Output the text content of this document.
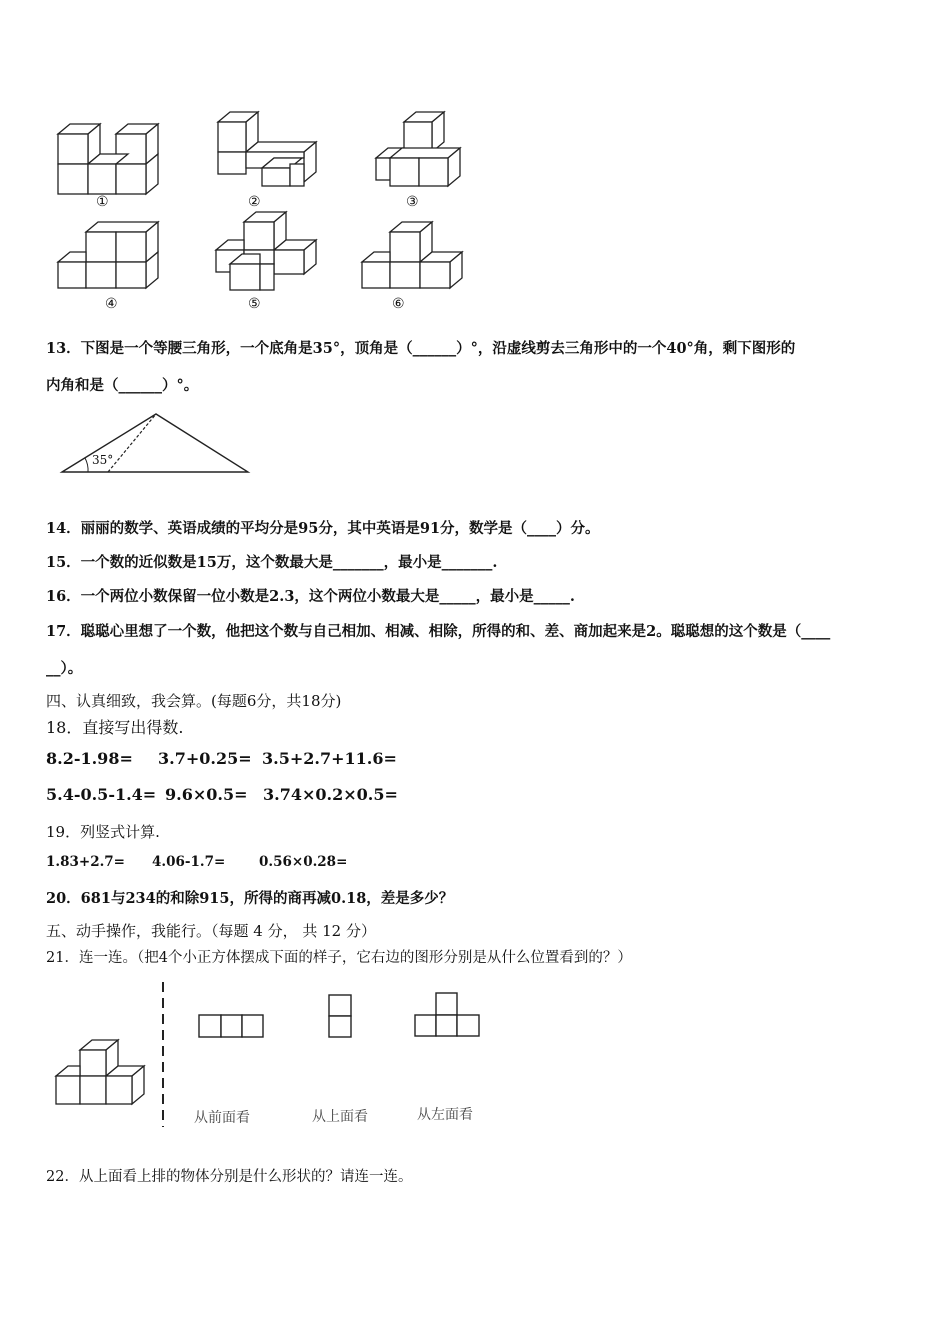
①	②	③
④	⑤	⑥
13．下图是一个等腰三角形，一个底角是35°，顶角是（______）°，沿虚线剪去三角形中的一个40°角，剩下图形的
内角和是（______）°。
35°
14．丽丽的数学、英语成绩的平均分是95分，其中英语是91分，数学是（____）分。
15．一个数的近似数是15万，这个数最大是_______，最小是_______.
16．一个两位小数保留一位小数是2.3，这个两位小数最大是_____，最小是_____.
17．聪聪心里想了一个数，他把这个数与自己相加、相减、相除，所得的和、差、商加起来是2。聪聪想的这个数是（____
__）。
四、认真细致，我会算。(每题6分，共18分)
18．直接写出得数.
8.2-1.98= 3.7+0.25= 3.5+2.7+11.6=
5.4-0.5-1.4= 9.6×0.5= 3.74×0.2×0.5=
19．列竖式计算.
1.83+2.7= 4.06-1.7= 0.56×0.28=
20．681与234的和除915，所得的商再减0.18，差是多少？
五、动手操作，我能行。（每题 4 分， 共 12 分）
21．连一连。（把4个小正方体摆成下面的样子，它右边的图形分别是从什么位置看到的？）
从前面看	从上面看	从左面看
22．从上面看上排的物体分别是什么形状的？请连一连。
